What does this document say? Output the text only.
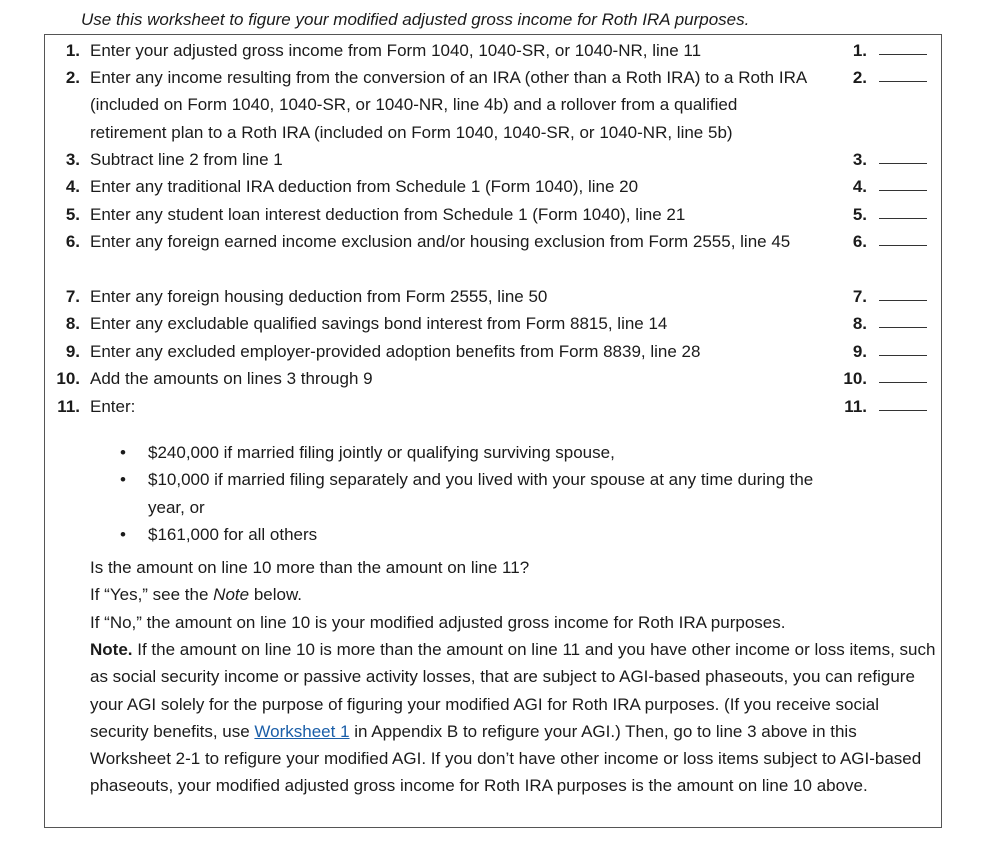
Use this worksheet to figure your modified adjusted gross income for Roth IRA purposes.
1. Enter your adjusted gross income from Form 1040, 1040-SR, or 1040-NR, line 11	1.
2. Enter any income resulting from the conversion of an IRA (other than a Roth IRA) to a Roth IRA (included on Form 1040, 1040-SR, or 1040-NR, line 4b) and a rollover from a qualified retirement plan to a Roth IRA (included on Form 1040, 1040-SR, or 1040-NR, line 5b)
2.
3. Subtract line 2 from line 1	3.
4. Enter any traditional IRA deduction from Schedule 1 (Form 1040), line 20	4.
5. Enter any student loan interest deduction from Schedule 1 (Form 1040), line 21	5.
6. Enter any foreign earned income exclusion and/or housing exclusion from Form 2555, line 45	6.
7. Enter any foreign housing deduction from Form 2555, line 50	7.
8. Enter any excludable qualified savings bond interest from Form 8815, line 14	8.
9. Enter any excluded employer-provided adoption benefits from Form 8839, line 28	9.
10. Add the amounts on lines 3 through 9	10.
11. Enter:	11.
• $240,000 if married filing jointly or qualifying surviving spouse,
• $10,000 if married filing separately and you lived with your spouse at any time during the year, or
• $161,000 for all others
Is the amount on line 10 more than the amount on line 11?
If “Yes,” see the Note below.
If “No,” the amount on line 10 is your modified adjusted gross income for Roth IRA purposes.
Note. If the amount on line 10 is more than the amount on line 11 and you have other income or loss items, such as social security income or passive activity losses, that are subject to AGI-based phaseouts, you can refigure your AGI solely for the purpose of figuring your modified AGI for Roth IRA purposes. (If you receive social security benefits, use Worksheet 1 in Appendix B to refigure your AGI.) Then, go to line 3 above in this Worksheet 2-1 to refigure your modified AGI. If you don’t have other income or loss items subject to AGI-based phaseouts, your modified adjusted gross income for Roth IRA purposes is the amount on line 10 above.
